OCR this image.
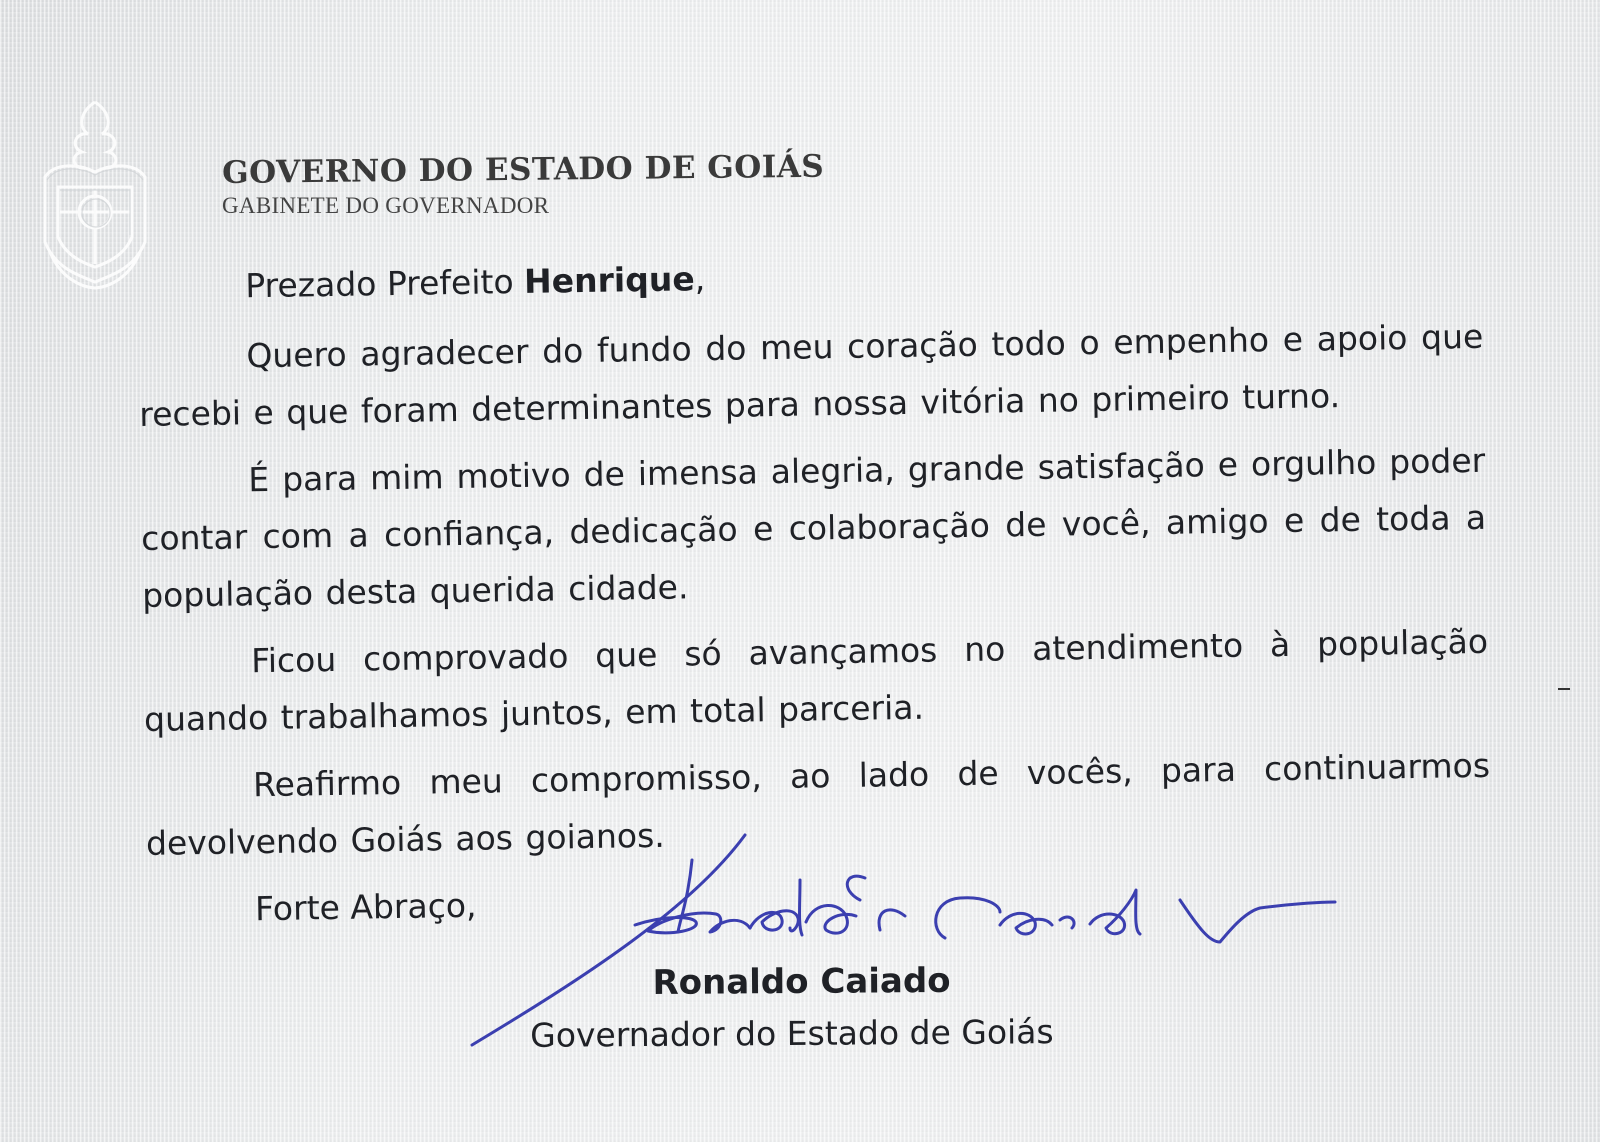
GOVERNO DO ESTADO DE GOIÁS
GABINETE DO GOVERNADOR
Prezado Prefeito Henrique,

Quero agradecer do fundo do meu coração todo o empenho e apoio que recebi e que foram determinantes para nossa vitória no primeiro turno.

É para mim motivo de imensa alegria, grande satisfação e orgulho poder contar com a confiança, dedicação e colaboração de você, amigo e de toda a população desta querida cidade.

Ficou comprovado que só avançamos no atendimento à população quando trabalhamos juntos, em total parceria.

Reafirmo meu compromisso, ao lado de vocês, para continuarmos devolvendo Goiás aos goianos.

Forte Abraço,
Ronaldo Caiado
Governador do Estado de Goiás
